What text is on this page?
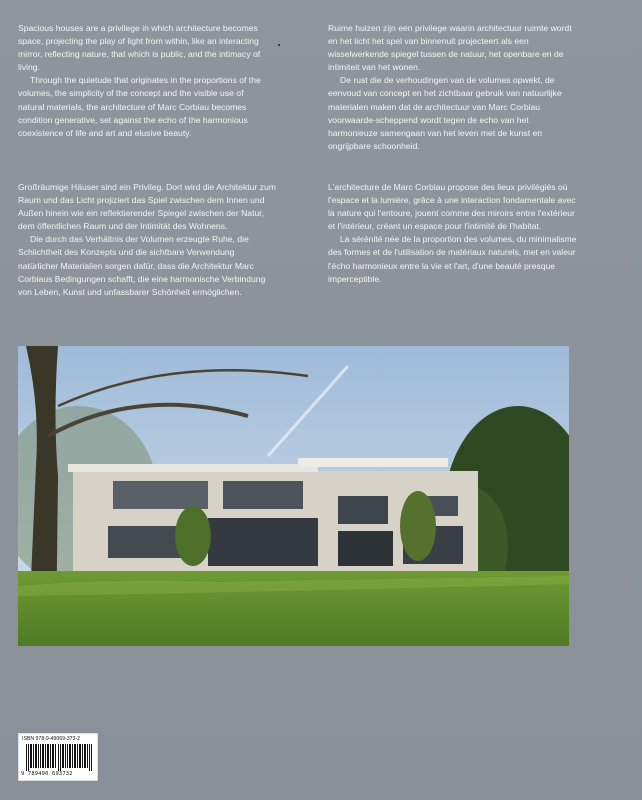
Spacious houses are a privilege in which architecture becomes space, projecting the play of light from within, like an interacting mirror, reflecting nature, that which is public, and the intimacy of living.

Through the quietude that originates in the proportions of the volumes, the simplicity of the concept and the visible use of natural materials, the architecture of Marc Corbiau becomes condition generative, set against the echo of the harmonious coexistence of life and art and elusive beauty.

Ruime huizen zijn een privilege waarin architectuur ruimte wordt en het licht het spel van binnenuit projecteert als een wisselwerkende spiegel tussen de natuur, het openbare en de intimiteit van het wonen.

De rust die de verhoudingen van de volumes opwekt, de eenvoud van concept en het zichtbaar gebruik van natuurlijke materialen maken dat de architectuur van Marc Corbiau voorwaarde-scheppend wordt tegen de echo van het harmonieuze samengaan van het leven met de kunst en ongrijpbare schoonheid.

Großräumige Häuser sind ein Privileg. Dort wird die Architektur zum Raum und das Licht projiziert das Spiel zwischen dem Innen und Außen hinein wie ein reflektierender Spiegel zwischen der Natur, dem öffentlichen Raum und der Intimität des Wohnens.

Die durch das Verhältnis der Volumen erzeugte Ruhe, die Schlichtheit des Konzepts und die sichtbare Verwendung natürlicher Materialien sorgen dafür, dass die Architektur Marc Corbiaus Bedingungen schafft, die eine harmonische Verbindung von Leben, Kunst und unfassbarer Schönheit ermöglichen.

L'architecture de Marc Corbiau propose des lieux privilégiés où l'espace et la lumière, grâce à une interaction fondamentale avec la nature qui l'entoure, jouent comme des miroirs entre l'extérieur et l'intérieur, créant un espace pour l'intimité de l'habitat.

La sérénité née de la proportion des volumes, du minimalisme des formes et de l'utilisation de matériaux naturels, met en valeur l'écho harmonieux entre la vie et l'art, d'une beauté presque imperceptible.

ISBN 978-9-49069-373-2
9 789490 693732
